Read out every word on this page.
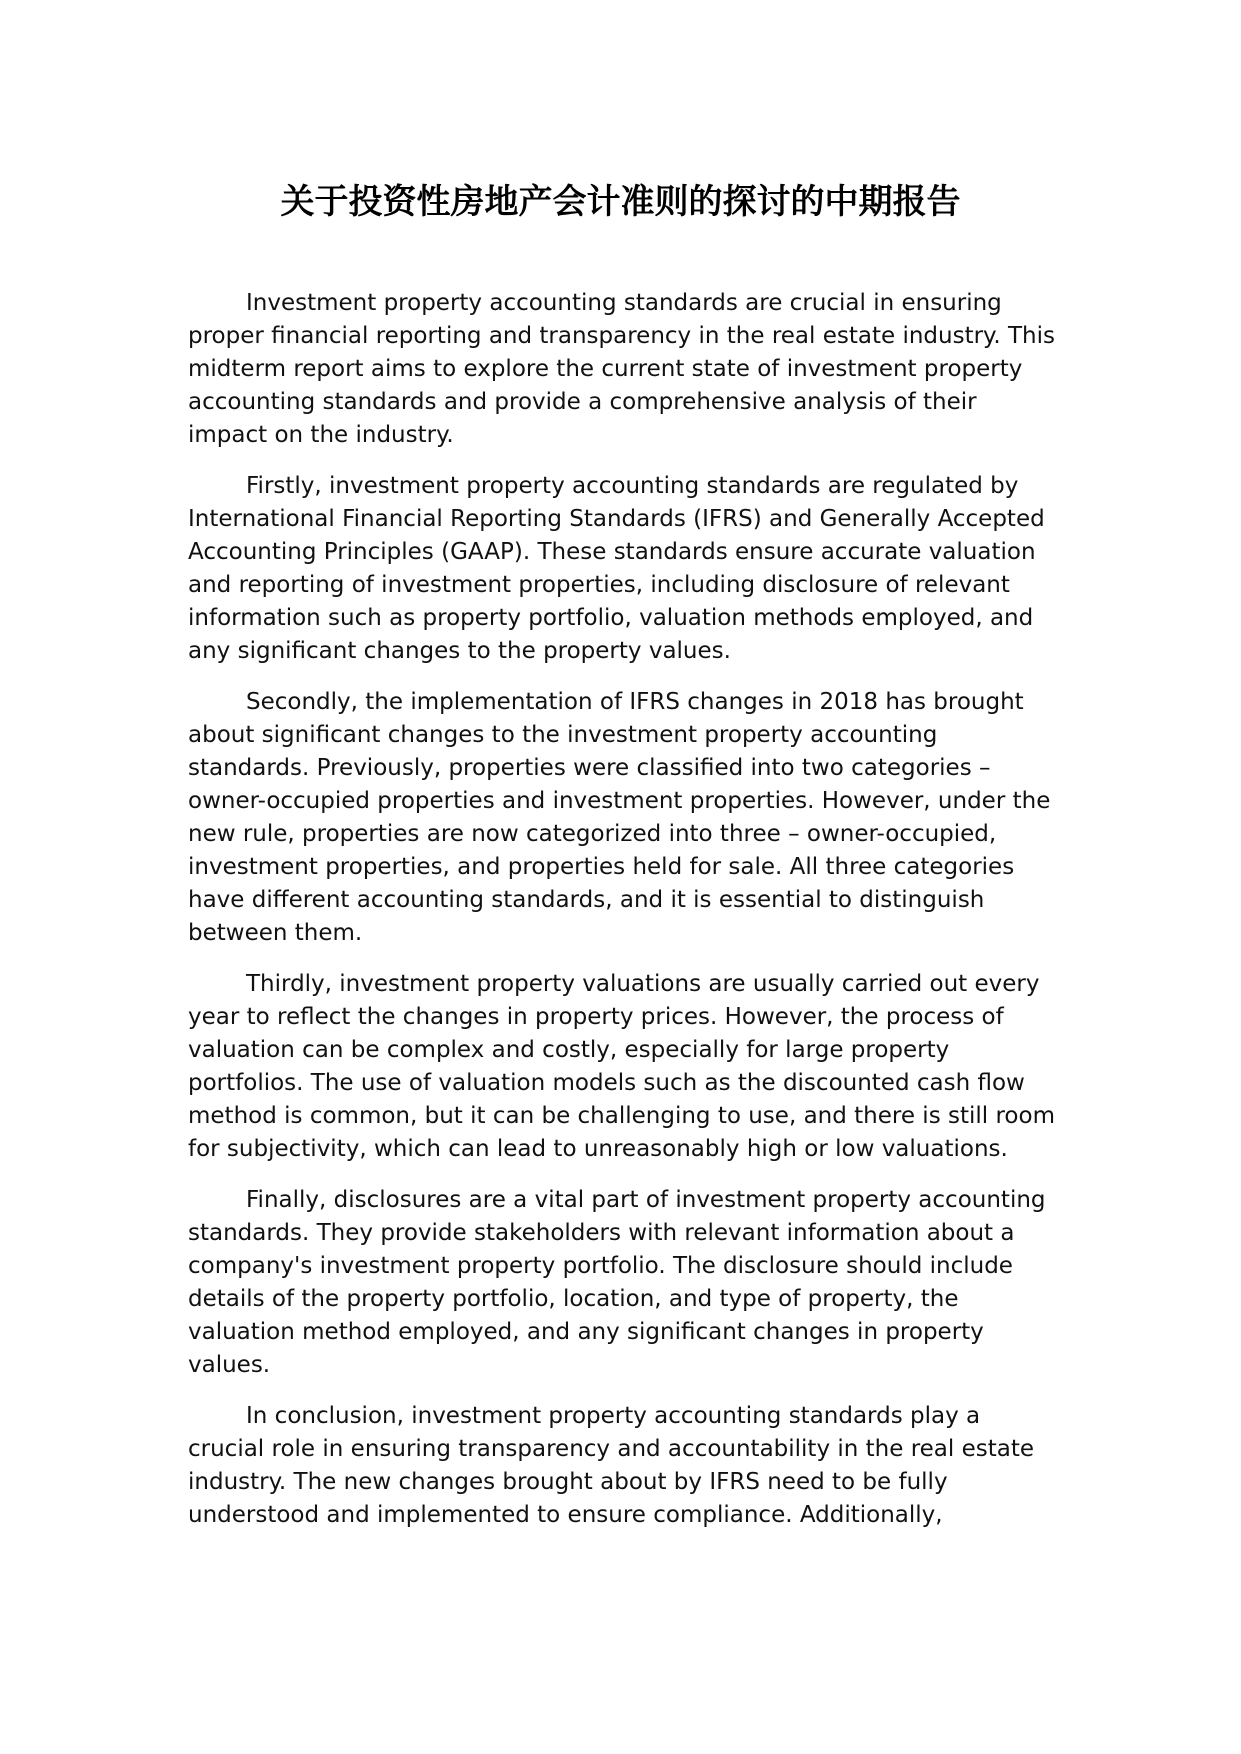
关于投资性房地产会计准则的探讨的中期报告

Investment property accounting standards are crucial in ensuring proper financial reporting and transparency in the real estate industry. This midterm report aims to explore the current state of investment property accounting standards and provide a comprehensive analysis of their impact on the industry.

Firstly, investment property accounting standards are regulated by International Financial Reporting Standards (IFRS) and Generally Accepted Accounting Principles (GAAP). These standards ensure accurate valuation and reporting of investment properties, including disclosure of relevant information such as property portfolio, valuation methods employed, and any significant changes to the property values.

Secondly, the implementation of IFRS changes in 2018 has brought about significant changes to the investment property accounting standards. Previously, properties were classified into two categories – owner-occupied properties and investment properties. However, under the new rule, properties are now categorized into three – owner-occupied, investment properties, and properties held for sale. All three categories have different accounting standards, and it is essential to distinguish between them.

Thirdly, investment property valuations are usually carried out every year to reflect the changes in property prices. However, the process of valuation can be complex and costly, especially for large property portfolios. The use of valuation models such as the discounted cash flow method is common, but it can be challenging to use, and there is still room for subjectivity, which can lead to unreasonably high or low valuations.

Finally, disclosures are a vital part of investment property accounting standards. They provide stakeholders with relevant information about a company's investment property portfolio. The disclosure should include details of the property portfolio, location, and type of property, the valuation method employed, and any significant changes in property values.

In conclusion, investment property accounting standards play a crucial role in ensuring transparency and accountability in the real estate industry. The new changes brought about by IFRS need to be fully understood and implemented to ensure compliance. Additionally,
